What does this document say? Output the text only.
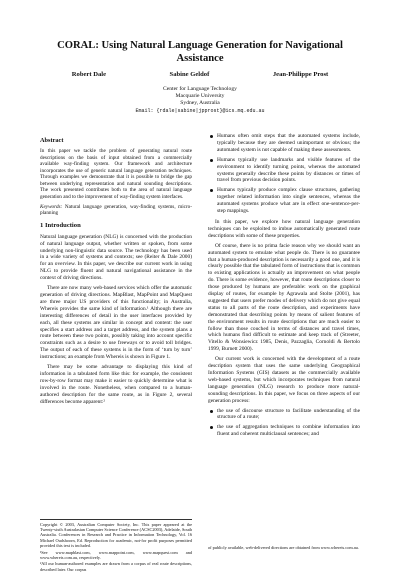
CORAL: Using Natural Language Generation for Navigational Assistance
Robert Dale	Sabine Geldof	Jean-Philippe Prost
Center for Language Technology
Macquarie University
Sydney, Australia
Email: {rdale|sabine|jpprost}@ics.mq.edu.au
Abstract

In this paper we tackle the problem of generating natural route descriptions on the basis of input obtained from a commercially available way-finding system. Our framework and architecture incorporates the use of generic natural language generation techniques. Through examples we demonstrate that it is possible to bridge the gap between underlying representation and natural sounding descriptions. The work presented contributes both to the area of natural language generation and to the improvement of way-finding system interfaces.

Keywords: Natural language generation, way-finding systems, micro-planning

1 Introduction

Natural language generation (NLG) is concerned with the production of natural language output, whether written or spoken, from some underlying non-linguistic data source. The technology has been used in a wide variety of systems and contexts; see (Reiter & Dale 2000) for an overview. In this paper, we describe our current work in using NLG to provide fluent and natural navigational assistance in the context of driving directions.

There are now many web-based services which offer the automatic generation of driving directions. MapBlast, MapPoint and MapQuest are three major US providers of this functionality; in Australia, Whereis provides the same kind of information.¹ Although there are interesting differences of detail in the user interfaces provided by each, all these systems are similar in concept and content: the user specifies a start address and a target address, and the system plans a route between these two points, possibly taking into account specific constraints such as a desire to use freeways or to avoid toll bridges. The output of each of these systems is in the form of ‘turn by turn’ instructions; an example from Whereis is shown in Figure 1.

There may be some advantage to displaying this kind of information in a tabulated form like this: for example, the consistent row-by-row format may make it easier to quickly determine what is involved in the route. Nonetheless, when compared to a human-authored description for the same route, as in Figure 2, several differences become apparent:²

Copyright © 2003, Australian Computer Society, Inc. This paper appeared at the Twenty-sixth Australasian Computer Science Conference (ACSC2003), Adelaide, South Australia. Conferences in Research and Practice in Information Technology, Vol. 16 Michael Oudshoorn, Ed. Reproduction for academic, not-for profit purposes permitted provided this text is included.

¹See www.mapblast.com, www.mappoint.com, www.mapquest.com and www.whereis.com.au, respectively.

²All our human-authored examples are drawn from a corpus of real route descriptions, described later. Our corpus

Humans often omit steps that the automated systems include, typically because they are deemed unimportant or obvious; the automated system is not capable of making these assessments.
Humans typically use landmarks and visible features of the environment to identify turning points, whereas the automated systems generally describe these points by distances or times of travel from previous decision points.
Humans typically produce complex clause structures, gathering together related information into single sentences, whereas the automated systems produce what are in effect one-sentence-per-step mappings.

In this paper, we explore how natural language generation techniques can be exploited to imbue automatically generated route descriptions with some of these properties.

Of course, there is no prima facie reason why we should want an automated system to emulate what people do. There is no guarantee that a human-produced description is necessarily a good one, and it is clearly possible that the tabulated form of instructions that is common to existing applications is actually an improvement on what people do. There is some evidence, however, that route descriptions closer to those produced by humans are preferable: work on the graphical display of routes, for example by Agrawala and Stolte (2001), has suggested that users prefer modes of delivery which do not give equal status to all parts of the route description, and experiments have demonstrated that describing points by means of salient features of the environment results in route descriptions that are much easier to follow than those couched in terms of distances and travel times, which humans find difficult to estimate and keep track of (Streeter, Vitello & Wonsiewicz 1985, Denis, Pazzaglia, Cornoldi & Bertolo 1999, Burnett 2000).

Our current work is concerned with the development of a route description system that uses the same underlying Geographical Information Systems (GIS) datasets as the commercially available web-based systems, but which incorporates techniques from natural language generation (NLG) research to produce more natural-sounding descriptions. In this paper, we focus on three aspects of our generation process:

the use of discourse structure to facilitate understanding of the structure of a route;
the use of aggregation techniques to combine information into fluent and coherent multiclausal sentences; and
of publicly available, web-delivered directions are obtained from www.whereis.com.au.
